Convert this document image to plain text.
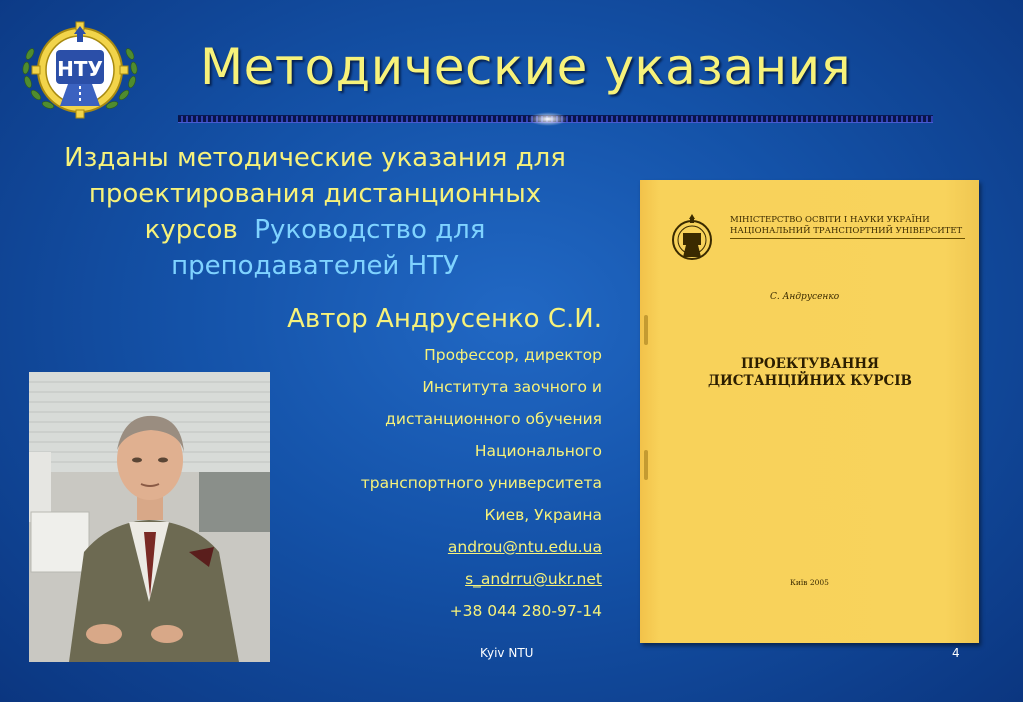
НТУ Методические указания
Изданы методические указания для
проектирования дистанционных
курсов Руководство для
преподавателей НТУ
Автор Андрусенко С.И.
Профессор, директор
Института заочного и
дистанционного обучения
Национального
транспортного университета
Киев, Украина
androu@ntu.edu.ua
s_andrru@ukr.net
+38 044 280-97-14
МІНІСТЕРСТВО ОСВІТИ І НАУКИ УКРАЇНИ
НАЦІОНАЛЬНИЙ ТРАНСПОРТНИЙ УНІВЕРСИТЕТ
С. Андрусенко
ПРОЕКТУВАННЯ
ДИСТАНЦІЙНИХ КУРСІВ
Київ 2005
Kyiv NTU	4
